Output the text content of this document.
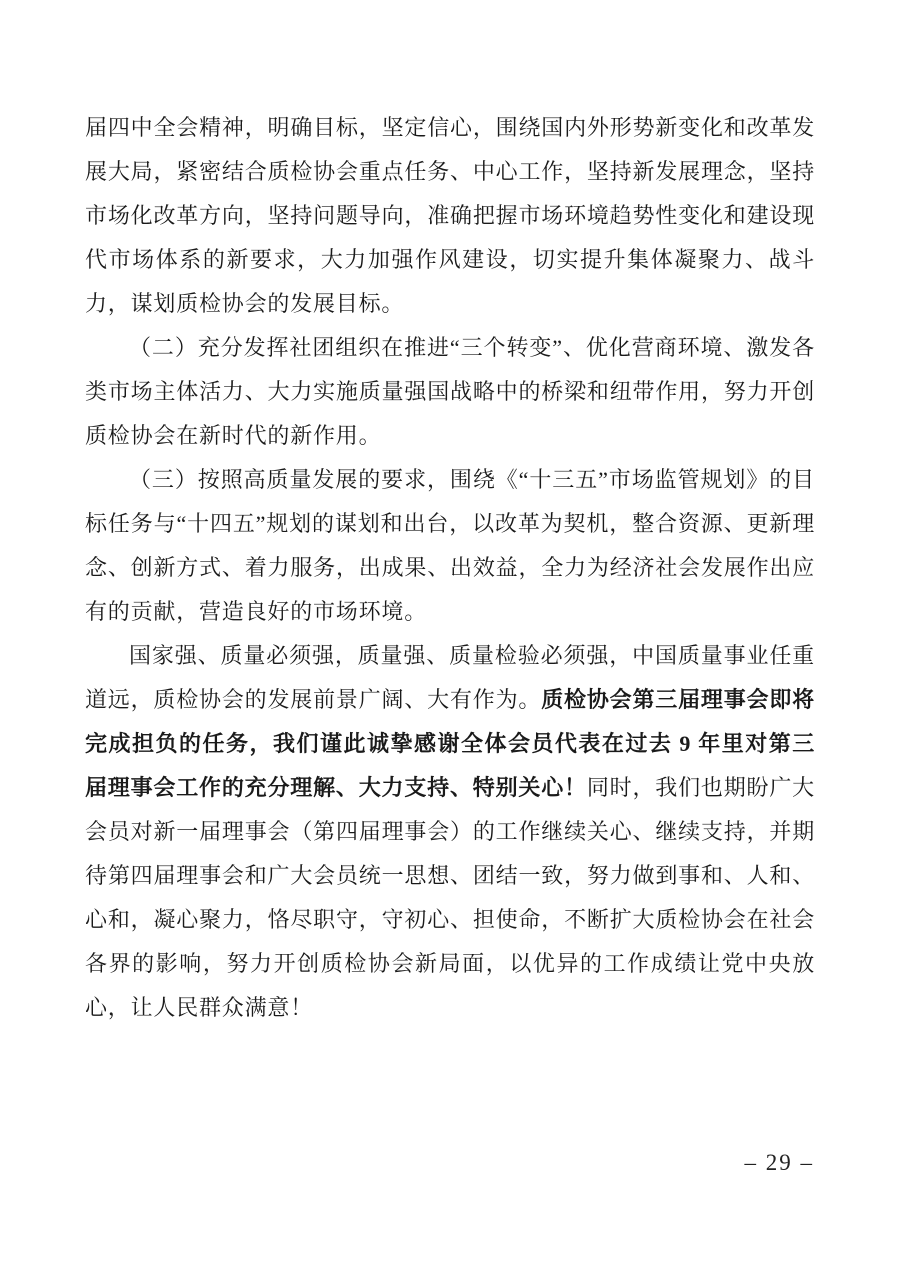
届四中全会精神，明确目标，坚定信心，围绕国内外形势新变化和改革发展大局，紧密结合质检协会重点任务、中心工作，坚持新发展理念，坚持市场化改革方向，坚持问题导向，准确把握市场环境趋势性变化和建设现代市场体系的新要求，大力加强作风建设，切实提升集体凝聚力、战斗力，谋划质检协会的发展目标。

（二）充分发挥社团组织在推进“三个转变”、优化营商环境、激发各类市场主体活力、大力实施质量强国战略中的桥梁和纽带作用，努力开创质检协会在新时代的新作用。

（三）按照高质量发展的要求，围绕《“十三五”市场监管规划》的目标任务与“十四五”规划的谋划和出台，以改革为契机，整合资源、更新理念、创新方式、着力服务，出成果、出效益，全力为经济社会发展作出应有的贡献，营造良好的市场环境。

国家强、质量必须强，质量强、质量检验必须强，中国质量事业任重道远，质检协会的发展前景广阔、大有作为。质检协会第三届理事会即将完成担负的任务，我们谨此诚挚感谢全体会员代表在过去 9 年里对第三届理事会工作的充分理解、大力支持、特别关心！同时，我们也期盼广大会员对新一届理事会（第四届理事会）的工作继续关心、继续支持，并期待第四届理事会和广大会员统一思想、团结一致，努力做到事和、人和、心和，凝心聚力，恪尽职守，守初心、担使命，不断扩大质检协会在社会各界的影响，努力开创质检协会新局面，以优异的工作成绩让党中央放心，让人民群众满意！

– 29 –
